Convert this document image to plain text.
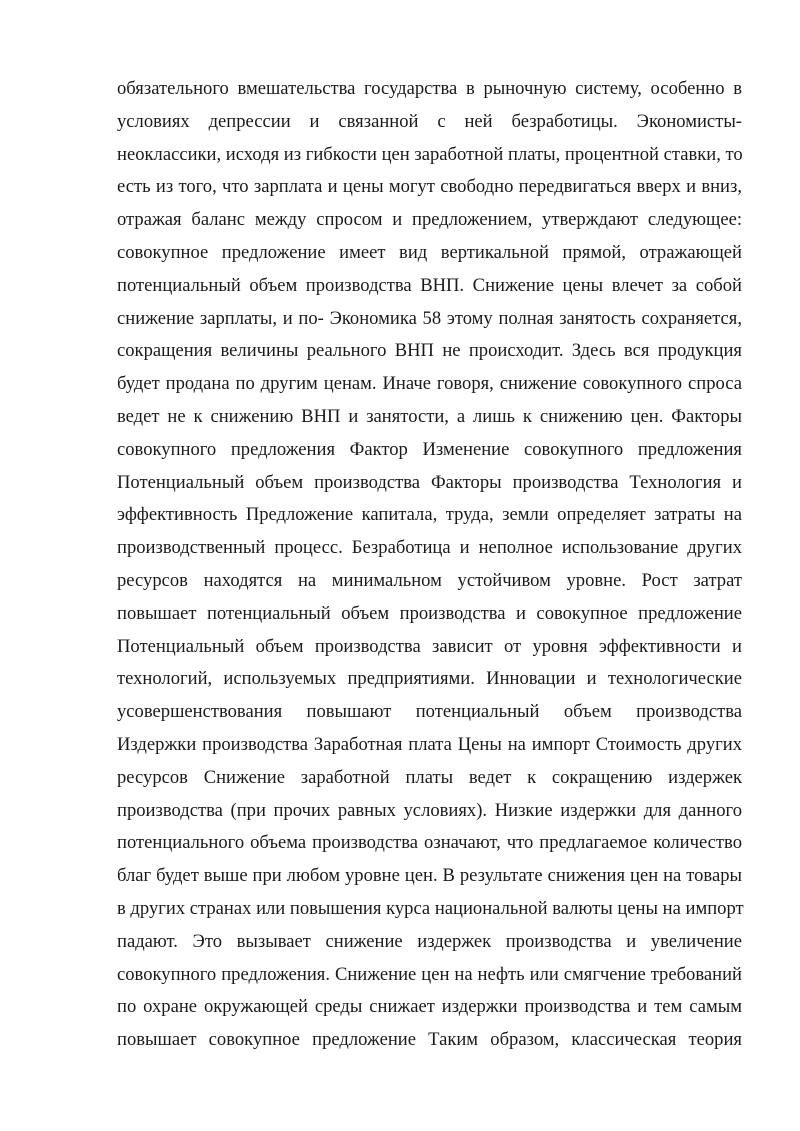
обязательного вмешательства государства в рыночную систему, особенно в
условиях депрессии и связанной с ней безработицы. Экономисты-
неоклассики, исходя из гибкости цен заработной платы, процентной ставки, то
есть из того, что зарплата и цены могут свободно передвигаться вверх и вниз,
отражая баланс между спросом и предложением, утверждают следующее:
совокупное предложение имеет вид вертикальной прямой, отражающей
потенциальный объем производства ВНП. Снижение цены влечет за собой
снижение зарплаты, и по- Экономика 58 этому полная занятость сохраняется,
сокращения величины реального ВНП не происходит. Здесь вся продукция
будет продана по другим ценам. Иначе говоря, снижение совокупного спроса
ведет не к снижению ВНП и занятости, а лишь к снижению цен. Факторы
совокупного предложения Фактор Изменение совокупного предложения
Потенциальный объем производства Факторы производства Технология и
эффективность Предложение капитала, труда, земли определяет затраты на
производственный процесс. Безработица и неполное использование других
ресурсов находятся на минимальном устойчивом уровне. Рост затрат
повышает потенциальный объем производства и совокупное предложение
Потенциальный объем производства зависит от уровня эффективности и
технологий, используемых предприятиями. Инновации и технологические
усовершенствования повышают потенциальный объем производства
Издержки производства Заработная плата Цены на импорт Стоимость других
ресурсов Снижение заработной платы ведет к сокращению издержек
производства (при прочих равных условиях). Низкие издержки для данного
потенциального объема производства означают, что предлагаемое количество
благ будет выше при любом уровне цен. В результате снижения цен на товары
в других странах или повышения курса национальной валюты цены на импорт
падают. Это вызывает снижение издержек производства и увеличение
совокупного предложения. Снижение цен на нефть или смягчение требований
по охране окружающей среды снижает издержки производства и тем самым
повышает совокупное предложение Таким образом, классическая теория
